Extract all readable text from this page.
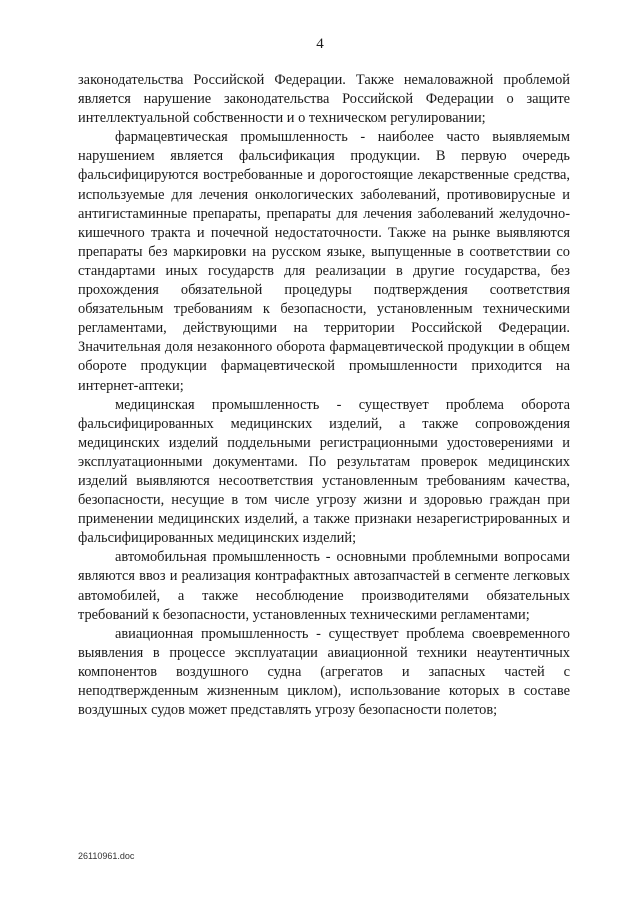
4

законодательства Российской Федерации. Также немаловажной проблемой является нарушение законодательства Российской Федерации о защите интеллектуальной собственности и о техническом регулировании;

фармацевтическая промышленность - наиболее часто выявляемым нарушением является фальсификация продукции. В первую очередь фальсифицируются востребованные и дорогостоящие лекарственные средства, используемые для лечения онкологических заболеваний, противовирусные и антигистаминные препараты, препараты для лечения заболеваний желудочно-кишечного тракта и почечной недостаточности. Также на рынке выявляются препараты без маркировки на русском языке, выпущенные в соответствии со стандартами иных государств для реализации в другие государства, без прохождения обязательной процедуры подтверждения соответствия обязательным требованиям к безопасности, установленным техническими регламентами, действующими на территории Российской Федерации. Значительная доля незаконного оборота фармацевтической продукции в общем обороте продукции фармацевтической промышленности приходится на интернет-аптеки;

медицинская промышленность - существует проблема оборота фальсифицированных медицинских изделий, а также сопровождения медицинских изделий поддельными регистрационными удостоверениями и эксплуатационными документами. По результатам проверок медицинских изделий выявляются несоответствия установленным требованиям качества, безопасности, несущие в том числе угрозу жизни и здоровью граждан при применении медицинских изделий, а также признаки незарегистрированных и фальсифицированных медицинских изделий;

автомобильная промышленность - основными проблемными вопросами являются ввоз и реализация контрафактных автозапчастей в сегменте легковых автомобилей, а также несоблюдение производителями обязательных требований к безопасности, установленных техническими регламентами;

авиационная промышленность - существует проблема своевременного выявления в процессе эксплуатации авиационной техники неаутентичных компонентов воздушного судна (агрегатов и запасных частей с неподтвержденным жизненным циклом), использование которых в составе воздушных судов может представлять угрозу безопасности полетов;

26110961.doc
